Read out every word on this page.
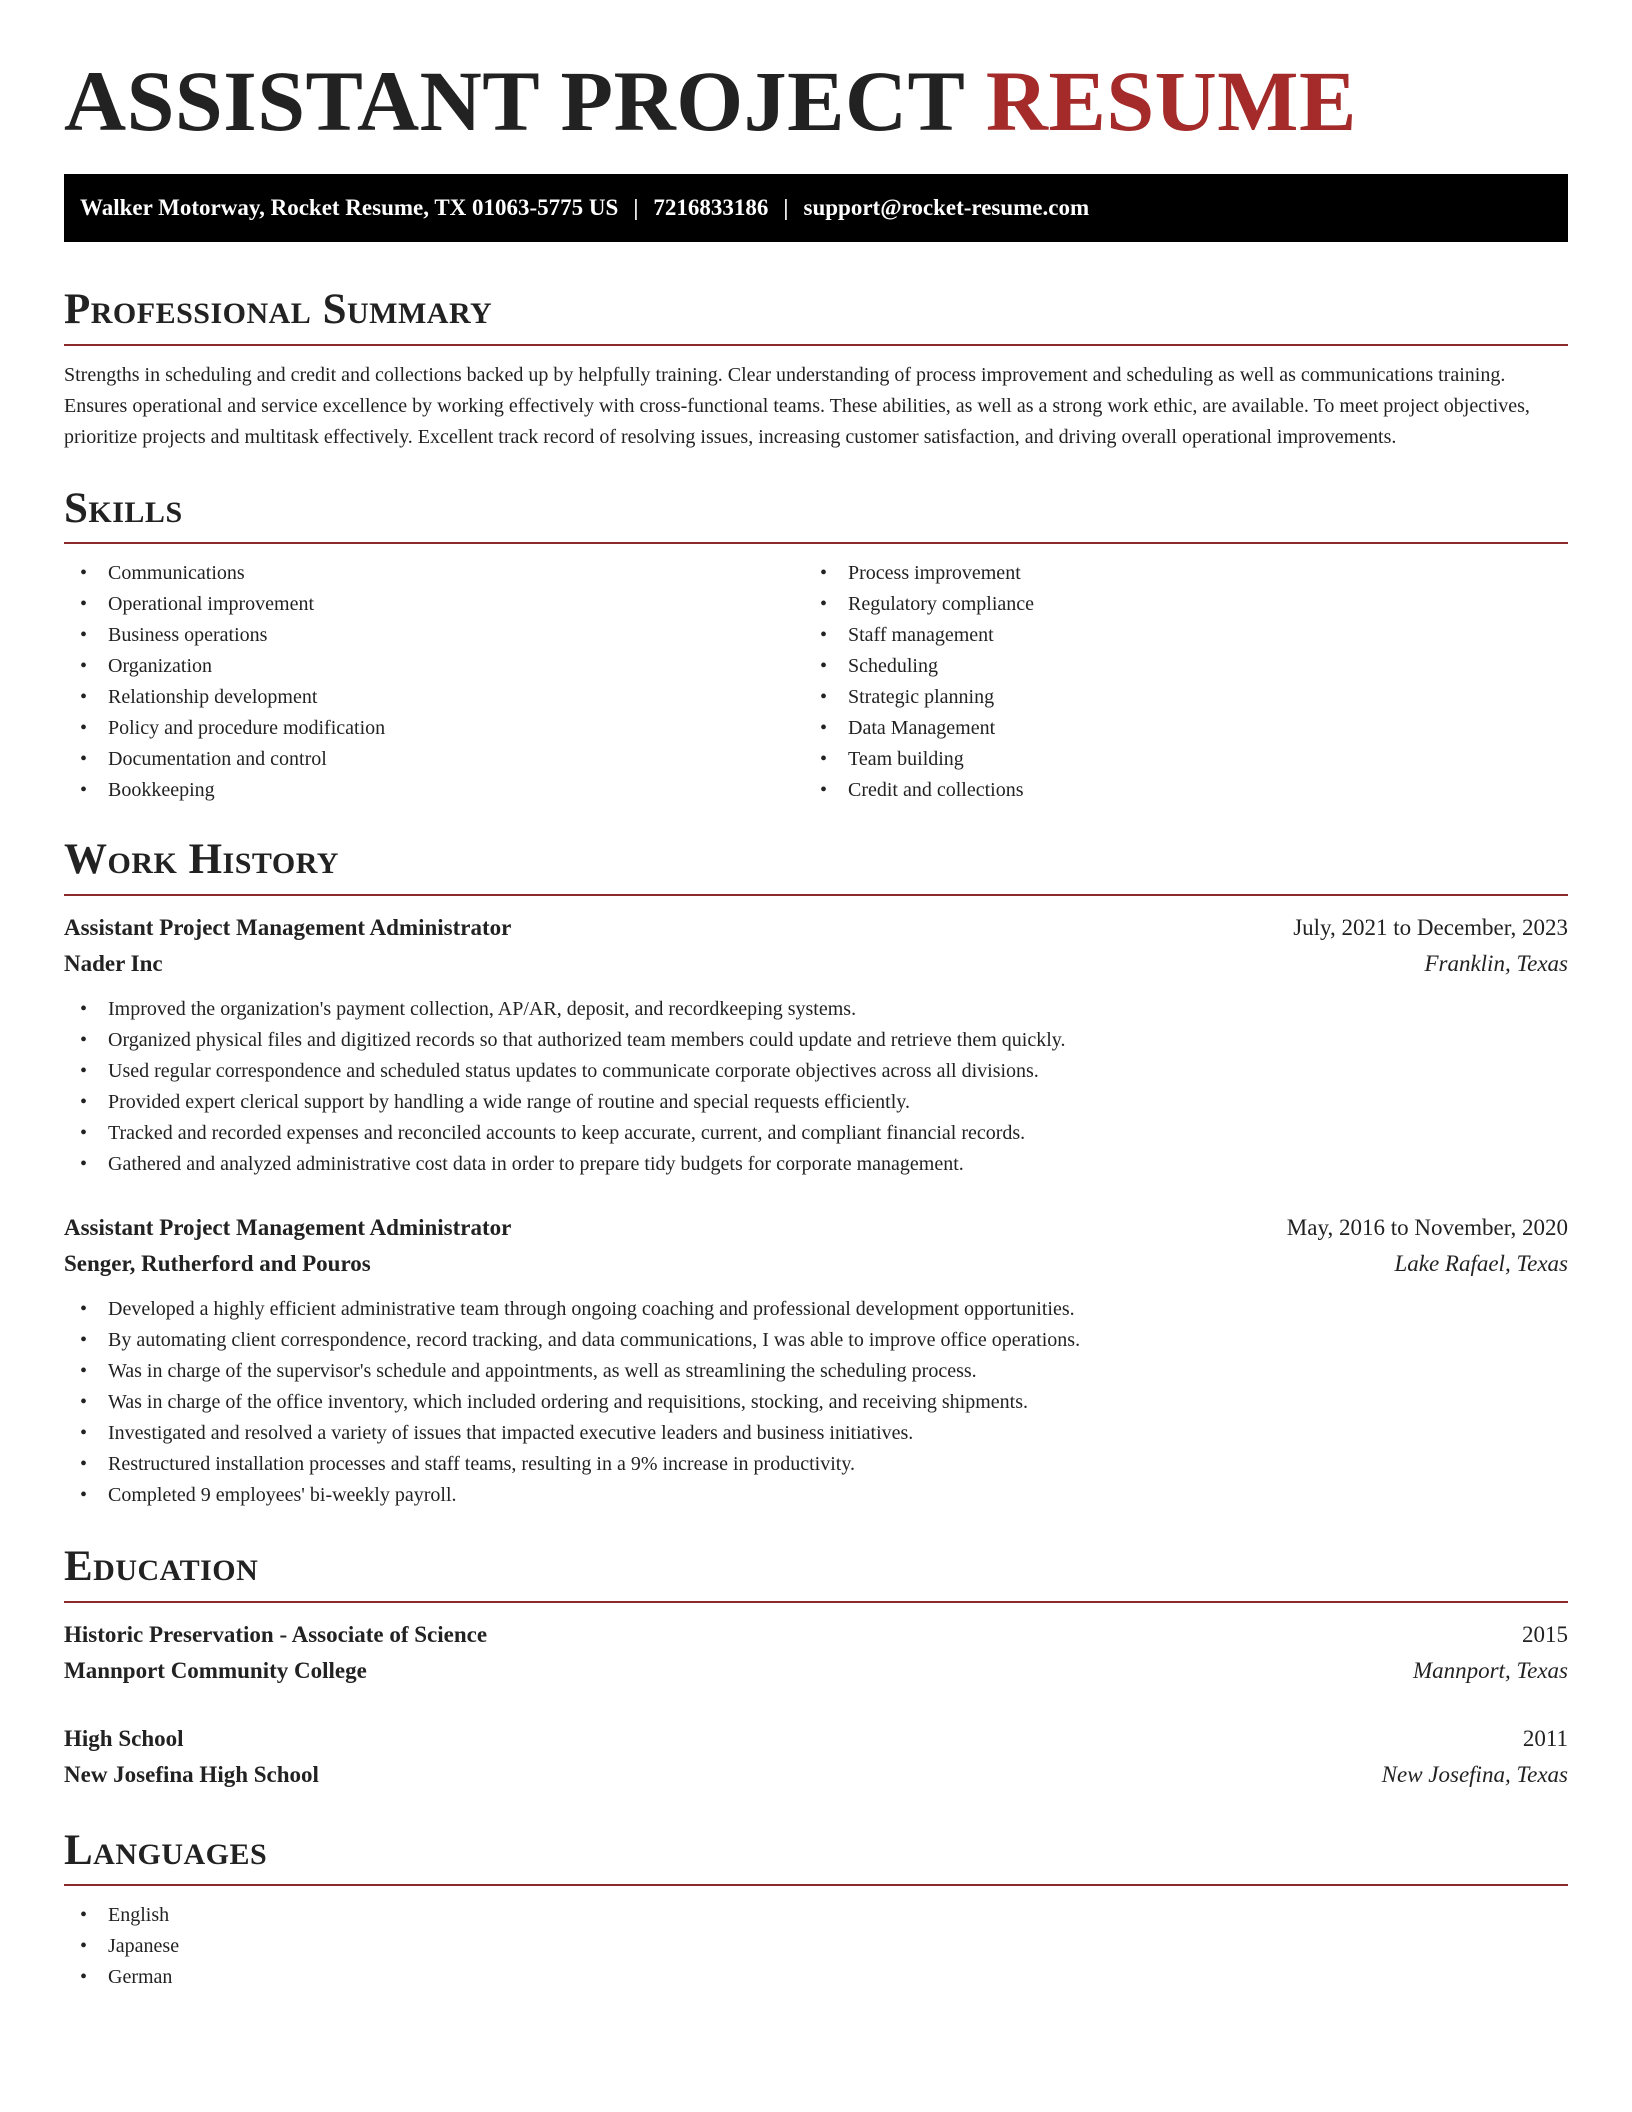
ASSISTANT PROJECT RESUME
Walker Motorway, Rocket Resume, TX 01063-5775 US | 7216833186 | support@rocket-resume.com
Professional Summary

Strengths in scheduling and credit and collections backed up by helpfully training. Clear understanding of process improvement and scheduling as well as communications training. Ensures operational and service excellence by working effectively with cross-functional teams. These abilities, as well as a strong work ethic, are available. To meet project objectives, prioritize projects and multitask effectively. Excellent track record of resolving issues, increasing customer satisfaction, and driving overall operational improvements.

Skills
• Communications
• Operational improvement
• Business operations
• Organization
• Relationship development
• Policy and procedure modification
• Documentation and control
• Bookkeeping
• Process improvement
• Regulatory compliance
• Staff management
• Scheduling
• Strategic planning
• Data Management
• Team building
• Credit and collections
Work History
Assistant Project Management Administrator	July, 2021 to December, 2023
Nader Inc	Franklin, Texas
• Improved the organization's payment collection, AP/AR, deposit, and recordkeeping systems.
• Organized physical files and digitized records so that authorized team members could update and retrieve them quickly.
• Used regular correspondence and scheduled status updates to communicate corporate objectives across all divisions.
• Provided expert clerical support by handling a wide range of routine and special requests efficiently.
• Tracked and recorded expenses and reconciled accounts to keep accurate, current, and compliant financial records.
• Gathered and analyzed administrative cost data in order to prepare tidy budgets for corporate management.
Assistant Project Management Administrator	May, 2016 to November, 2020
Senger, Rutherford and Pouros	Lake Rafael, Texas
• Developed a highly efficient administrative team through ongoing coaching and professional development opportunities.
• By automating client correspondence, record tracking, and data communications, I was able to improve office operations.
• Was in charge of the supervisor's schedule and appointments, as well as streamlining the scheduling process.
• Was in charge of the office inventory, which included ordering and requisitions, stocking, and receiving shipments.
• Investigated and resolved a variety of issues that impacted executive leaders and business initiatives.
• Restructured installation processes and staff teams, resulting in a 9% increase in productivity.
• Completed 9 employees' bi-weekly payroll.
Education
Historic Preservation - Associate of Science	2015
Mannport Community College	Mannport, Texas
High School	2011
New Josefina High School	New Josefina, Texas
Languages
• English
• Japanese
• German
